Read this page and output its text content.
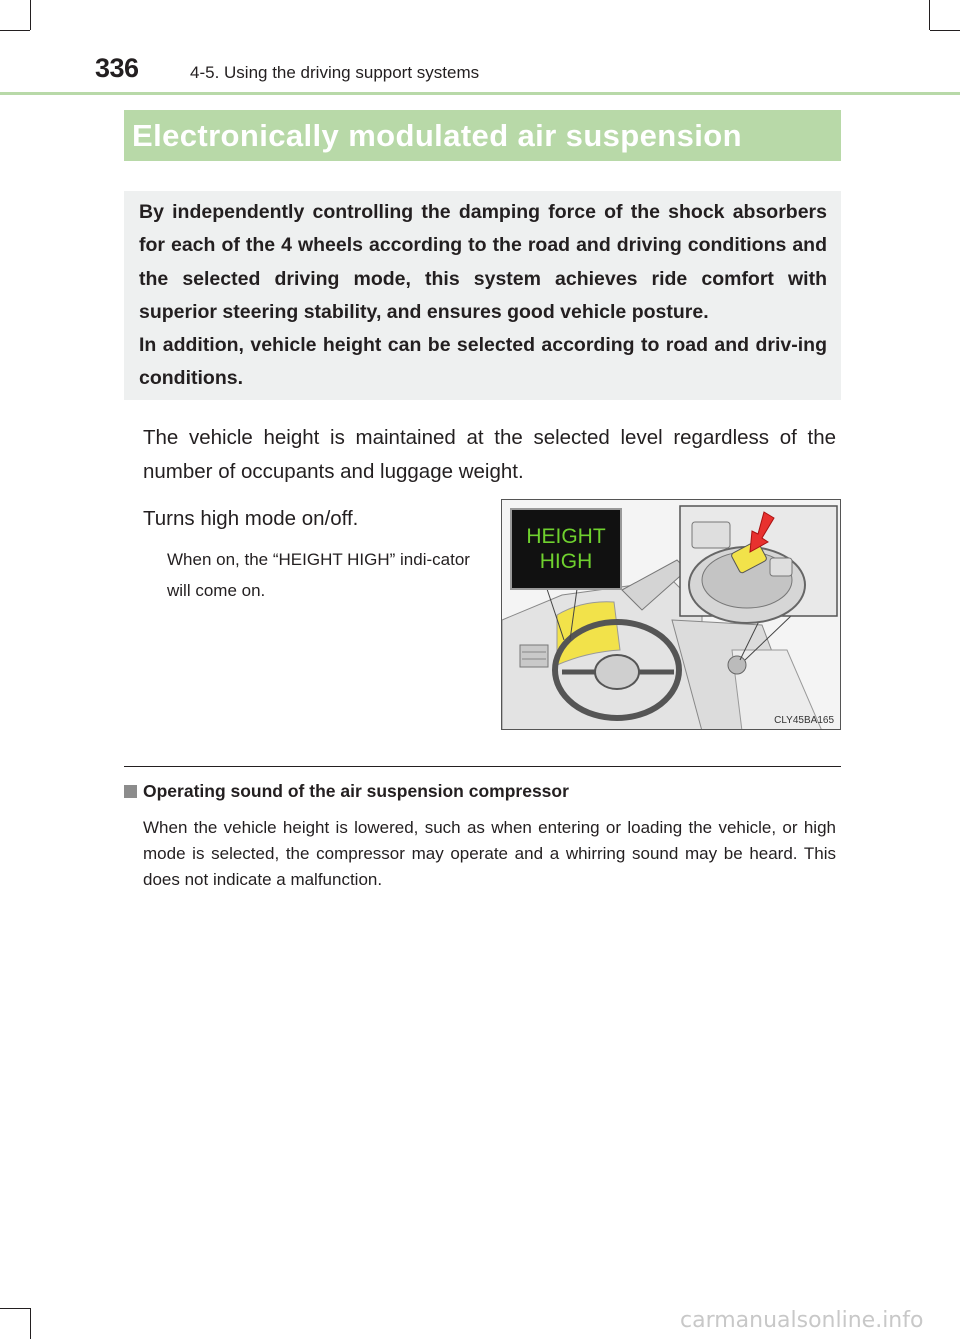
336	4-5. Using the driving support systems
Electronically modulated air suspension

By independently controlling the damping force of the shock absorbers for each of the 4 wheels according to the road and driving conditions and the selected driving mode, this system achieves ride comfort with superior steering stability, and ensures good vehicle posture.

In addition, vehicle height can be selected according to road and driv-ing conditions.

The vehicle height is maintained at the selected level regardless of the number of occupants and luggage weight.

Turns high mode on/off.

When on, the “HEIGHT HIGH” indi-cator will come on.

HEIGHT
HIGH
CLY45BA165

Operating sound of the air suspension compressor

When the vehicle height is lowered, such as when entering or loading the vehicle, or high mode is selected, the compressor may operate and a whirring sound may be heard. This does not indicate a malfunction.

carmanualsonline.info
